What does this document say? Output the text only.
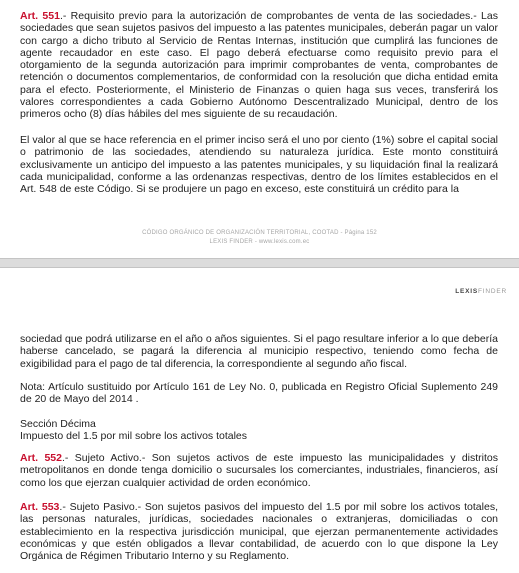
Art. 551.- Requisito previo para la autorización de comprobantes de venta de las sociedades.- Las sociedades que sean sujetos pasivos del impuesto a las patentes municipales, deberán pagar un valor con cargo a dicho tributo al Servicio de Rentas Internas, institución que cumplirá las funciones de agente recaudador en este caso. El pago deberá efectuarse como requisito previo para el otorgamiento de la segunda autorización para imprimir comprobantes de venta, comprobantes de retención o documentos complementarios, de conformidad con la resolución que dicha entidad emita para el efecto. Posteriormente, el Ministerio de Finanzas o quien haga sus veces, transferirá los valores correspondientes a cada Gobierno Autónomo Descentralizado Municipal, dentro de los primeros ocho (8) días hábiles del mes siguiente de su recaudación.

El valor al que se hace referencia en el primer inciso será el uno por ciento (1%) sobre el capital social o patrimonio de las sociedades, atendiendo su naturaleza jurídica. Este monto constituirá exclusivamente un anticipo del impuesto a las patentes municipales, y su liquidación final la realizará cada municipalidad, conforme a las ordenanzas respectivas, dentro de los límites establecidos en el Art. 548 de este Código. Si se produjere un pago en exceso, este constituirá un crédito para la

CÓDIGO ORGÁNICO DE ORGANIZACIÓN TERRITORIAL, COOTAD - Página 152
LEXIS FINDER - www.lexis.com.ec
LEXISFINDER

sociedad que podrá utilizarse en el año o años siguientes. Si el pago resultare inferior a lo que debería haberse cancelado, se pagará la diferencia al municipio respectivo, teniendo como fecha de exigibilidad para el pago de tal diferencia, la correspondiente al segundo año fiscal.

Nota: Artículo sustituido por Artículo 161 de Ley No. 0, publicada en Registro Oficial Suplemento 249 de 20 de Mayo del 2014 .

Sección Décima

Impuesto del 1.5 por mil sobre los activos totales

Art. 552.- Sujeto Activo.- Son sujetos activos de este impuesto las municipalidades y distritos metropolitanos en donde tenga domicilio o sucursales los comerciantes, industriales, financieros, así como los que ejerzan cualquier actividad de orden económico.

Art. 553.- Sujeto Pasivo.- Son sujetos pasivos del impuesto del 1.5 por mil sobre los activos totales, las personas naturales, jurídicas, sociedades nacionales o extranjeras, domiciliadas o con establecimiento en la respectiva jurisdicción municipal, que ejerzan permanentemente actividades económicas y que estén obligados a llevar contabilidad, de acuerdo con lo que dispone la Ley Orgánica de Régimen Tributario Interno y su Reglamento.
